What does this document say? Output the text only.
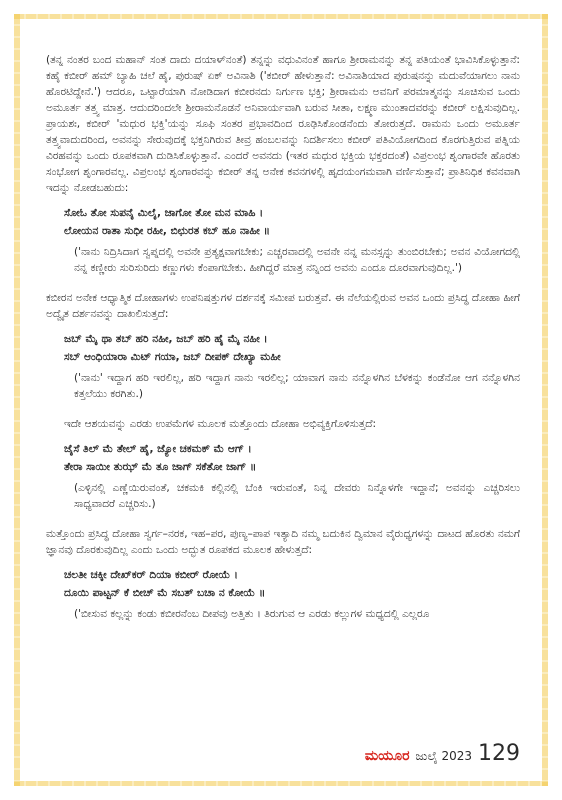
(ತನ್ನ ನಂತರ ಬಂದ ಮಹಾನ್ ಸಂತ ದಾದು ದಯಾಳ್‌ನಂತೆ) ತನ್ನನ್ನು ವಧುವಿನಂತೆ ಹಾಗೂ ಶ್ರೀರಾಮನನ್ನು ತನ್ನ ಪತಿಯಂತೆ ಭಾವಿಸಿಕೊಳ್ಳುತ್ತಾನೆ: ಕಹೈ ಕಬೀರ್ ಹಮ್ ಬ್ಯಾಹಿ ಚಲೆ ಹೈ, ಪುರುಷ್ ಏಕ್ ಅವಿನಾಶಿ ('ಕಬೀರ್ ಹೇಳುತ್ತಾನೆ: ಅವಿನಾಶಿಯಾದ ಪುರುಷನನ್ನು ಮದುವೆಯಾಗಲು ನಾನು ಹೊರಟಿದ್ದೇನೆ.') ಆದರೂ, ಒಟ್ಟಾರೆಯಾಗಿ ನೋಡಿದಾಗ ಕಬೀರನದು ನಿರ್ಗುಣ ಭಕ್ತಿ; ಶ್ರೀರಾಮನು ಅವನಿಗೆ ಪರಮಾತ್ಮನನ್ನು ಸೂಚಿಸುವ ಒಂದು ಅಮೂರ್ತ ತತ್ತ್ವ ಮಾತ್ರ. ಆದುದರಿಂದಲೇ ಶ್ರೀರಾಮನೊಡನೆ ಅನಿವಾರ್ಯವಾಗಿ ಬರುವ ಸೀತಾ, ಲಕ್ಷ್ಮಣ ಮುಂತಾದವರನ್ನು ಕಬೀರ್ ಲಕ್ಷಿಸುವುದಿಲ್ಲ. ಪ್ರಾಯಶಃ, ಕಬೀರ್ 'ಮಧುರ ಭಕ್ತಿ'ಯನ್ನು ಸೂಫಿ ಸಂತರ ಪ್ರಭಾವದಿಂದ ರೂಢಿಸಿಕೊಂಡನೆಂದು ತೋರುತ್ತದೆ. ರಾಮನು ಒಂದು ಅಮೂರ್ತ ತತ್ತ್ವವಾದುದರಿಂದ, ಅವನನ್ನು ಸೇರುವುದಕ್ಕೆ ಭಕ್ತನಿಗಿರುವ ತೀವ್ರ ಹಂಬಲವನ್ನು ನಿದರ್ಶಿಸಲು ಕಬೀರ್ ಪತಿವಿಯೋಗದಿಂದ ಕೊರಗುತ್ತಿರುವ ಪತ್ನಿಯ ವಿರಹವನ್ನು ಒಂದು ರೂಪಕವಾಗಿ ದುಡಿಸಿಕೊಳ್ಳುತ್ತಾನೆ. ಎಂದರೆ ಅವನದು (ಇತರ ಮಧುರ ಭಕ್ತಿಯ ಭಕ್ತರದಂತೆ) ವಿಪ್ರಲಂಭ ಶೃಂಗಾರವೇ ಹೊರತು ಸಂಭೋಗ ಶೃಂಗಾರವಲ್ಲ. ವಿಪ್ರಲಂಭ ಶೃಂಗಾರವನ್ನು ಕಬೀರ್ ತನ್ನ ಅನೇಕ ಕವನಗಳಲ್ಲಿ ಹೃದಯಂಗಮವಾಗಿ ವರ್ಣಿಸುತ್ತಾನೆ; ಪ್ರಾತಿನಿಧಿಕ ಕವನವಾಗಿ ಇದನ್ನು ನೋಡಬಹುದು:

ಸೋಓ ತೋ ಸುಪನೈ ಮಿಲೈ, ಜಾಗೋ ತೋ ಮನ ಮಾಹಿ ।
ಲೋಯನ ರಾತಾ ಸುಧೀ ರಹೀ, ಬಿಛುರತ ಕಬ್ ಹೂ ನಾಹೀ ॥

('ನಾನು ನಿದ್ರಿಸಿದಾಗ ಸ್ವಪ್ನದಲ್ಲಿ ಅವನೇ ಪ್ರತ್ಯಕ್ಷವಾಗಬೇಕು; ಎಚ್ಚರವಾದಲ್ಲಿ ಅವನೇ ನನ್ನ ಮನಸ್ಸನ್ನು ತುಂಬಿರಬೇಕು; ಅವನ ವಿಯೋಗದಲ್ಲಿ ನನ್ನ ಕಣ್ಣೀರು ಸುರಿಸುರಿದು ಕಣ್ಣುಗಳು ಕೆಂಪಾಗಬೇಕು. ಹೀಗಿದ್ದರೆ ಮಾತ್ರ ನನ್ನಿಂದ ಅವನು ಎಂದೂ ದೂರವಾಗುವುದಿಲ್ಲ.')

ಕಬೀರನ ಅನೇಕ ಆಧ್ಯಾತ್ಮಿಕ ದೋಹಾಗಳು ಉಪನಿಷತ್ತುಗಳ ದರ್ಶನಕ್ಕೆ ಸಮೀಪ ಬರುತ್ತವೆ. ಈ ನೆಲೆಯಲ್ಲಿರುವ ಅವನ ಒಂದು ಪ್ರಸಿದ್ಧ ದೋಹಾ ಹೀಗೆ ಅದ್ವೈತ ದರ್ಶನವನ್ನು ದಾಖಲಿಸುತ್ತದೆ:

ಜಬ್ ಮೈ ಥಾ ತಬ್ ಹರಿ ನಹೀ, ಜಬ್ ಹರಿ ಹೈ ಮೈ ನಹೀ ।
ಸಬ್ ಆಂಧಿಯಾರಾ ಮಿಟ್ ಗಯಾ, ಜಬ್ ದೀಪಕ್ ದೇಖ್ಯಾ ಮಹೀ

('ನಾನು' ಇದ್ದಾಗ ಹರಿ ಇರಲಿಲ್ಲ, ಹರಿ ಇದ್ದಾಗ ನಾನು ಇರಲಿಲ್ಲ; ಯಾವಾಗ ನಾನು ನನ್ನೊಳಗಿನ ಬೆಳಕನ್ನು ಕಂಡೆನೋ ಆಗ ನನ್ನೊಳಗಿನ ಕತ್ತಲೆಯು ಕರಗಿತು.)

ಇದೇ ಆಶಯವನ್ನು ಎರಡು ಉಪಮೆಗಳ ಮೂಲಕ ಮತ್ತೊಂದು ದೋಹಾ ಅಭಿವ್ಯಕ್ತಿಗೊಳಿಸುತ್ತದೆ:

ಜೈಸೆ ತಿಲ್ ಮೆ ತೇಲ್ ಹೈ, ಜ್ಯೋ ಚಕಮಕ್ ಮೆ ಆಗ್ ।
ತೇರಾ ಸಾಯೀ ತುಝ್ ಮೆ ತೂ ಜಾಗ್ ಸಕೆತೋ ಜಾಗ್ ॥

(ಎಳ್ಳಿನಲ್ಲಿ ಎಣ್ಣೆಯಿರುವಂತೆ, ಚಕಮಕಿ ಕಲ್ಲಿನಲ್ಲಿ ಬೆಂಕಿ ಇರುವಂತೆ, ನಿನ್ನ ದೇವರು ನಿನ್ನೊಳಗೇ ಇದ್ದಾನೆ; ಅವನನ್ನು ಎಚ್ಚರಿಸಲು ಸಾಧ್ಯವಾದರೆ ಎಚ್ಚರಿಸು.)

ಮತ್ತೊಂದು ಪ್ರಸಿದ್ಧ ದೋಹಾ ಸ್ವರ್ಗ–ನರಕ, ಇಹ–ಪರ, ಪುಣ್ಯ–ಪಾಪ ಇತ್ಯಾದಿ ನಮ್ಮ ಬದುಕಿನ ದ್ವಿಮಾನ ವೈರುಧ್ಯಗಳನ್ನು ದಾಟದ ಹೊರತು ನಮಗೆ ಜ್ಞಾನವು ದೊರಕುವುದಿಲ್ಲ ಎಂದು ಒಂದು ಅದ್ಭುತ ರೂಪಕದ ಮೂಲಕ ಹೇಳುತ್ತದೆ:

ಚಲತೀ ಚಕ್ಕೀ ದೇಖ್‌ಕರ್ ದಿಯಾ ಕಬೀರ್ ರೋಯೆ ।
ದೂಯಿ ಪಾಟ್ಟನ್ ಕೆ ಬೀಚ್ ಮೆ ಸಬತ್ ಬಚಾ ನ ಕೋಯೆ ॥

('ಬೀಸುವ ಕಲ್ಲನ್ನು ಕಂಡು ಕಬೀರನೆಂಬ ದೀಪವು ಅತ್ತಿತು । ತಿರುಗುವ ಆ ಎರಡು ಕಲ್ಲುಗಳ ಮಧ್ಯದಲ್ಲಿ ಎಲ್ಲರೂ

ಮಯೂರ ಜುಲೈ 2023 129
